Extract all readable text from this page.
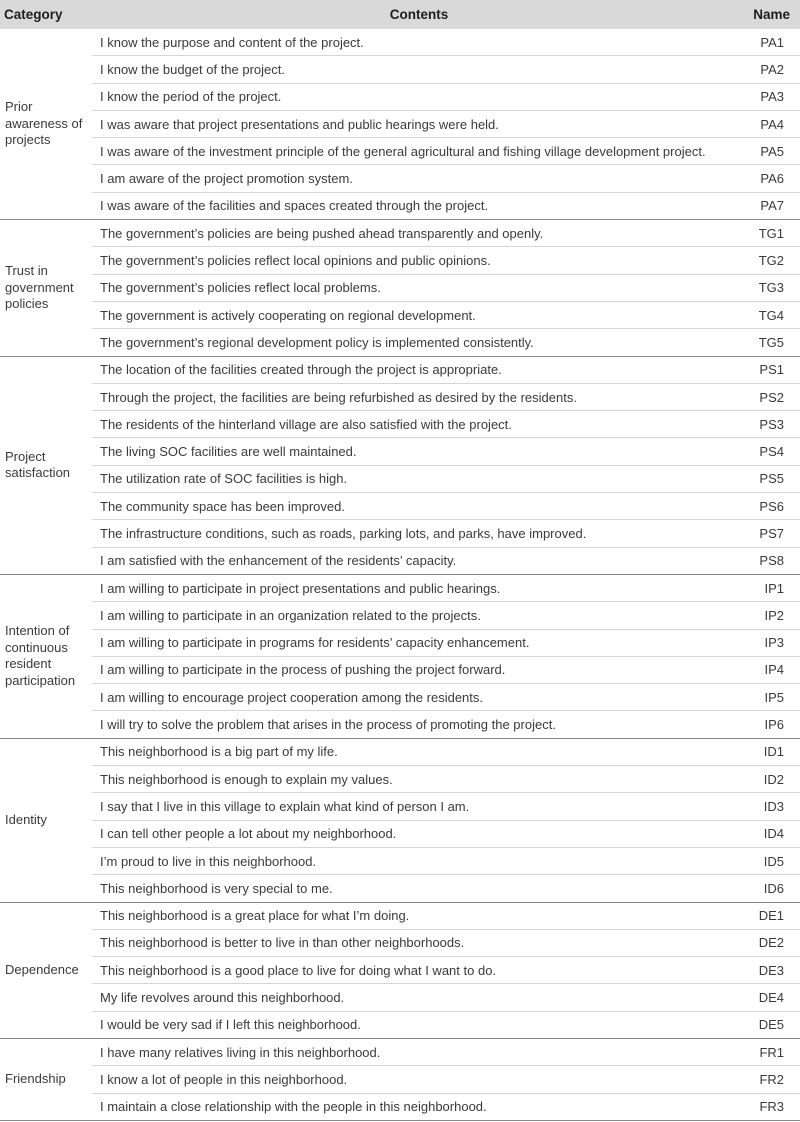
Category	Contents	Name
Prior awareness of projects	I know the purpose and content of the project.	PA1
	I know the budget of the project.	PA2
	I know the period of the project.	PA3
	I was aware that project presentations and public hearings were held.	PA4
	I was aware of the investment principle of the general agricultural and fishing village development project.	PA5
	I am aware of the project promotion system.	PA6
	I was aware of the facilities and spaces created through the project.	PA7
Trust in government policies	The government’s policies are being pushed ahead transparently and openly.	TG1
	The government’s policies reflect local opinions and public opinions.	TG2
	The government’s policies reflect local problems.	TG3
	The government is actively cooperating on regional development.	TG4
	The government’s regional development policy is implemented consistently.	TG5
Project satisfaction	The location of the facilities created through the project is appropriate.	PS1
	Through the project, the facilities are being refurbished as desired by the residents.	PS2
	The residents of the hinterland village are also satisfied with the project.	PS3
	The living SOC facilities are well maintained.	PS4
	The utilization rate of SOC facilities is high.	PS5
	The community space has been improved.	PS6
	The infrastructure conditions, such as roads, parking lots, and parks, have improved.	PS7
	I am satisfied with the enhancement of the residents’ capacity.	PS8
Intention of continuous resident participation	I am willing to participate in project presentations and public hearings.	IP1
	I am willing to participate in an organization related to the projects.	IP2
	I am willing to participate in programs for residents’ capacity enhancement.	IP3
	I am willing to participate in the process of pushing the project forward.	IP4
	I am willing to encourage project cooperation among the residents.	IP5
	I will try to solve the problem that arises in the process of promoting the project.	IP6
Identity	This neighborhood is a big part of my life.	ID1
	This neighborhood is enough to explain my values.	ID2
	I say that I live in this village to explain what kind of person I am.	ID3
	I can tell other people a lot about my neighborhood.	ID4
	I’m proud to live in this neighborhood.	ID5
	This neighborhood is very special to me.	ID6
Dependence	This neighborhood is a great place for what I’m doing.	DE1
	This neighborhood is better to live in than other neighborhoods.	DE2
	This neighborhood is a good place to live for doing what I want to do.	DE3
	My life revolves around this neighborhood.	DE4
	I would be very sad if I left this neighborhood.	DE5
Friendship	I have many relatives living in this neighborhood.	FR1
	I know a lot of people in this neighborhood.	FR2
	I maintain a close relationship with the people in this neighborhood.	FR3
